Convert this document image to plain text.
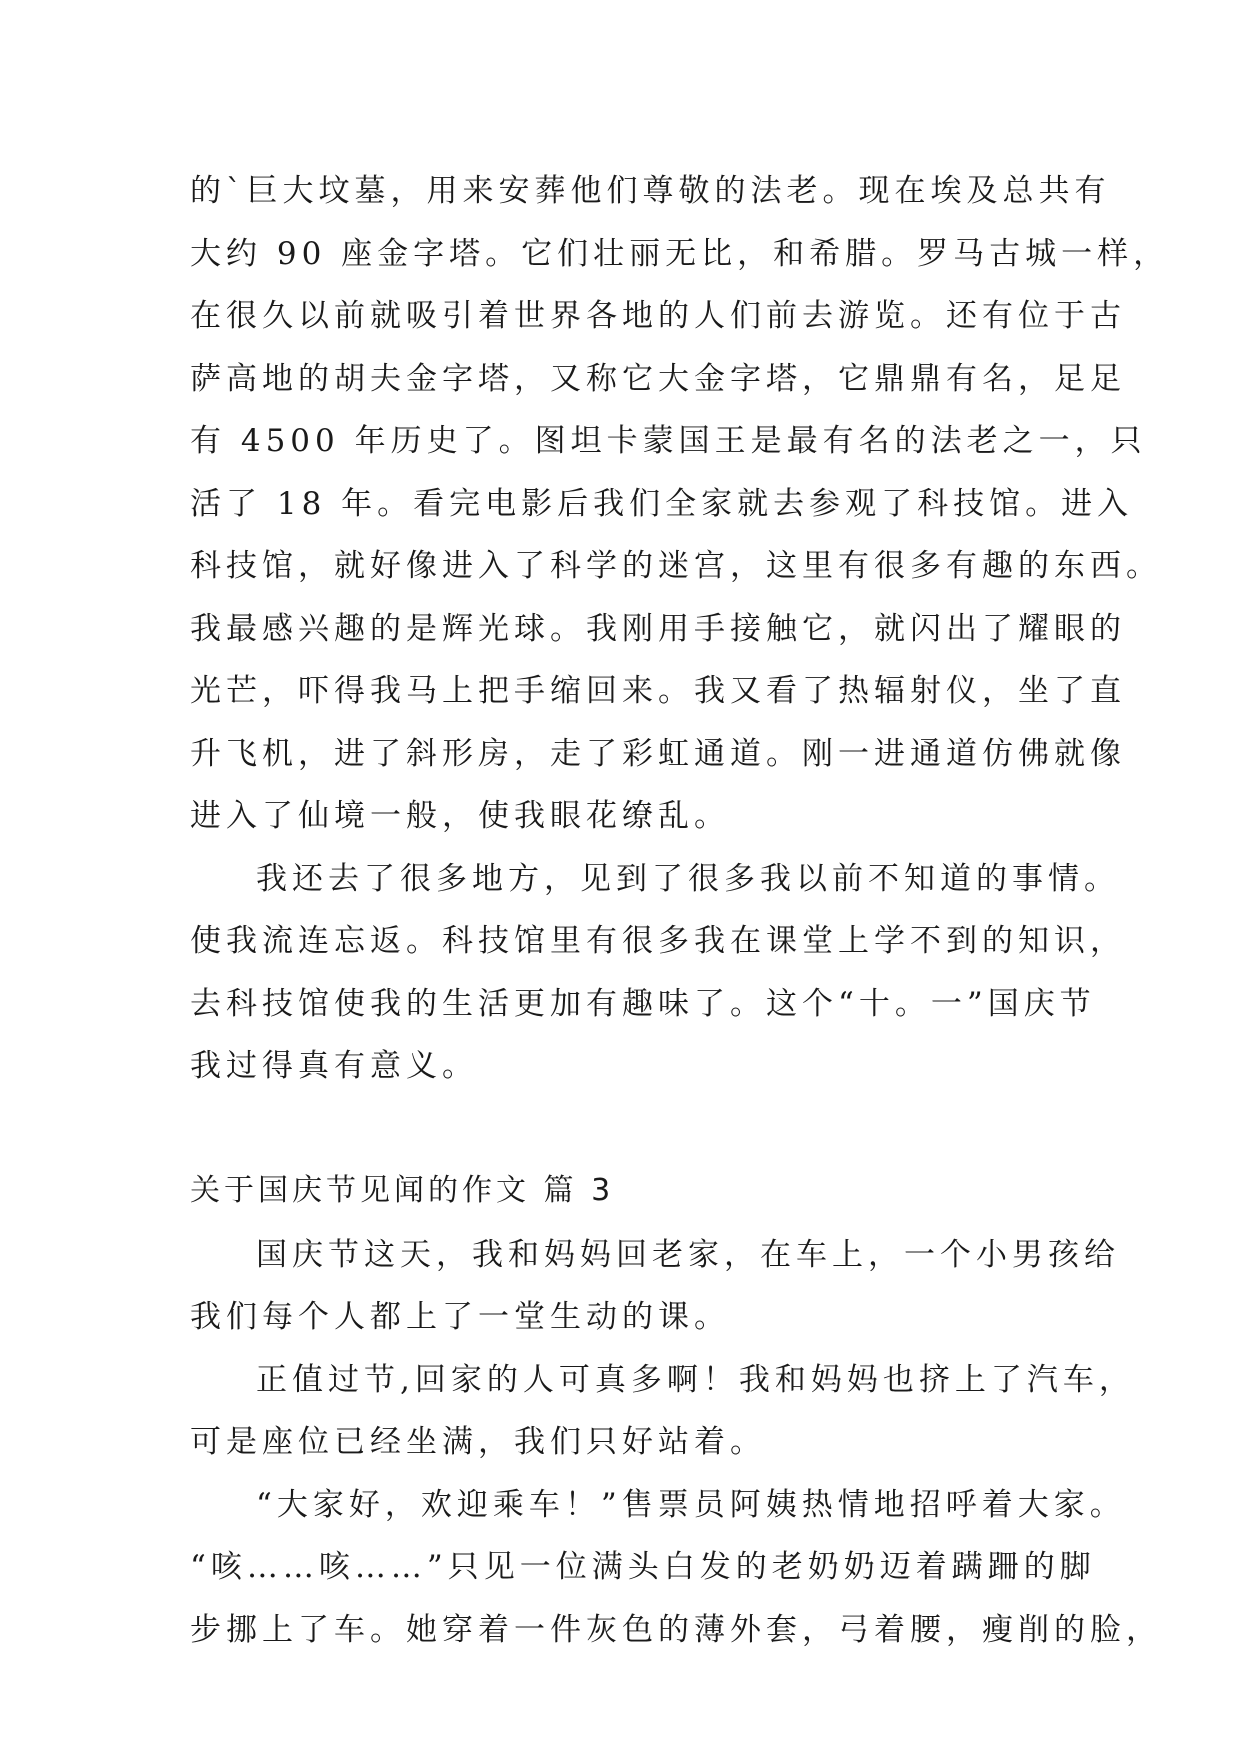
的`巨大坟墓，用来安葬他们尊敬的法老。现在埃及总共有
大约 90 座金字塔。它们壮丽无比，和希腊。罗马古城一样，
在很久以前就吸引着世界各地的人们前去游览。还有位于古
萨高地的胡夫金字塔，又称它大金字塔，它鼎鼎有名，足足
有 4500 年历史了。图坦卡蒙国王是最有名的法老之一，只
活了 18 年。看完电影后我们全家就去参观了科技馆。进入
科技馆，就好像进入了科学的迷宫，这里有很多有趣的东西。
我最感兴趣的是辉光球。我刚用手接触它，就闪出了耀眼的
光芒，吓得我马上把手缩回来。我又看了热辐射仪，坐了直
升飞机，进了斜形房，走了彩虹通道。刚一进通道仿佛就像
进入了仙境一般，使我眼花缭乱。
我还去了很多地方，见到了很多我以前不知道的事情。
使我流连忘返。科技馆里有很多我在课堂上学不到的知识，
去科技馆使我的生活更加有趣味了。这个“十。一”国庆节
我过得真有意义。
关于国庆节见闻的作文 篇 3
国庆节这天，我和妈妈回老家，在车上，一个小男孩给
我们每个人都上了一堂生动的课。
正值过节,回家的人可真多啊！我和妈妈也挤上了汽车，
可是座位已经坐满，我们只好站着。
“大家好，欢迎乘车！”售票员阿姨热情地招呼着大家。
“咳……咳……”只见一位满头白发的老奶奶迈着蹒跚的脚
步挪上了车。她穿着一件灰色的薄外套，弓着腰，瘦削的脸，
